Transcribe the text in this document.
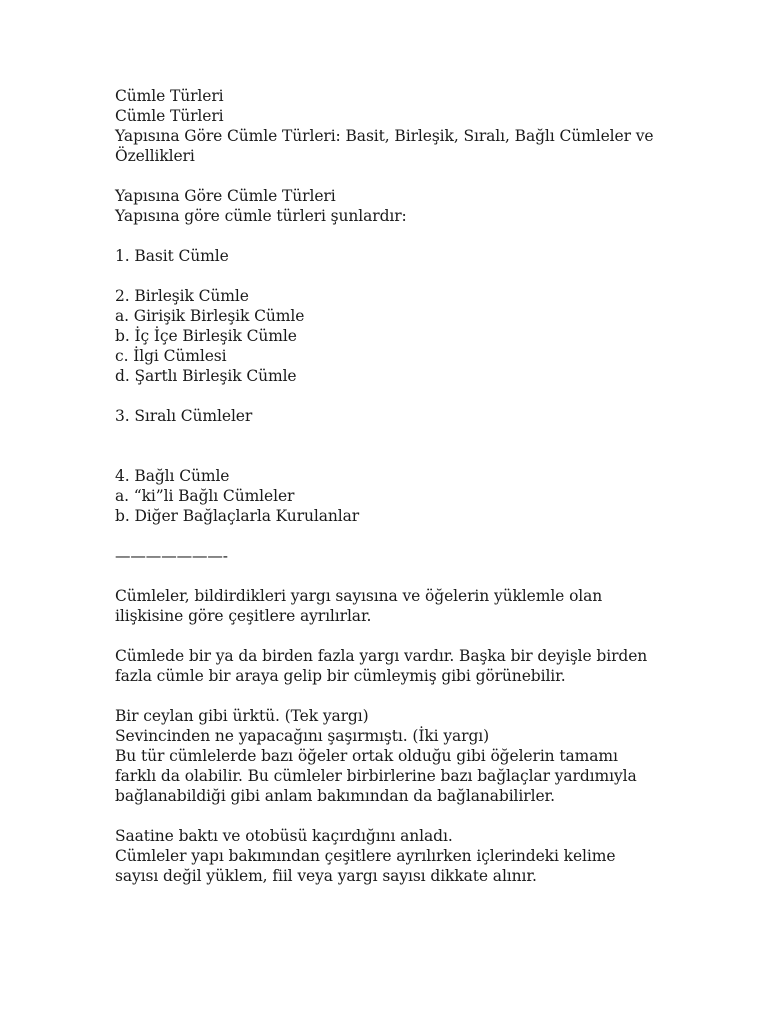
Cümle Türleri
Cümle Türleri
Yapısına Göre Cümle Türleri: Basit, Birleşik, Sıralı, Bağlı Cümleler ve
Özellikleri
Yapısına Göre Cümle Türleri
Yapısına göre cümle türleri şunlardır:
1. Basit Cümle
2. Birleşik Cümle
a. Girişik Birleşik Cümle
b. İç İçe Birleşik Cümle
c. İlgi Cümlesi
d. Şartlı Birleşik Cümle
3. Sıralı Cümleler
4. Bağlı Cümle
a. “ki”li Bağlı Cümleler
b. Diğer Bağlaçlarla Kurulanlar
———————-
Cümleler, bildirdikleri yargı sayısına ve öğelerin yüklemle olan
ilişkisine göre çeşitlere ayrılırlar.
Cümlede bir ya da birden fazla yargı vardır. Başka bir deyişle birden
fazla cümle bir araya gelip bir cümleymiş gibi görünebilir.
Bir ceylan gibi ürktü. (Tek yargı)
Sevincinden ne yapacağını şaşırmıştı. (İki yargı)
Bu tür cümlelerde bazı öğeler ortak olduğu gibi öğelerin tamamı
farklı da olabilir. Bu cümleler birbirlerine bazı bağlaçlar yardımıyla
bağlanabildiği gibi anlam bakımından da bağlanabilirler.
Saatine baktı ve otobüsü kaçırdığını anladı.
Cümleler yapı bakımından çeşitlere ayrılırken içlerindeki kelime
sayısı değil yüklem, fiil veya yargı sayısı dikkate alınır.
